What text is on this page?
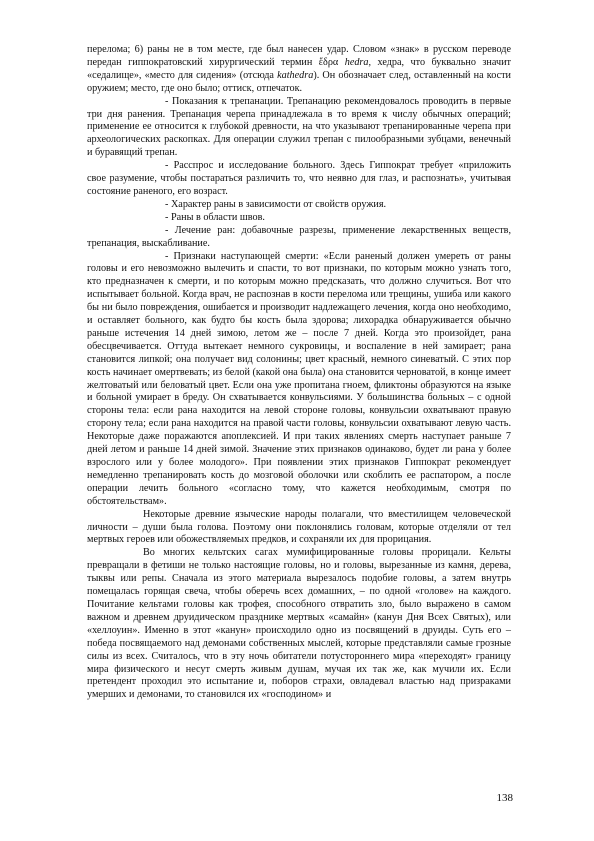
перелома; 6) раны не в том месте, где был нанесен удар. Словом «знак» в русском переводе передан гиппократовский хирургический термин ἕδρα hedra, хедра, что буквально значит «седалище», «место для сидения» (отсюда kathedra). Он обозначает след, оставленный на кости оружием; место, где оно было; оттиск, отпечаток.

- Показания к трепанации. Трепанацию рекомендовалось проводить в первые три дня ранения. Трепанация черепа принадлежала в то время к числу обычных операций; применение ее относится к глубокой древности, на что указывают трепанированные черепа при археологических раскопках. Для операции служил трепан с пилообразными зубцами, венечный и буравящий трепан.

- Расспрос и исследование больного. Здесь Гиппократ требует «приложить свое разумение, чтобы постараться различить то, что неявно для глаз, и распознать», учитывая состояние раненого, его возраст.

- Характер раны в зависимости от свойств оружия.

- Раны в области швов.

- Лечение ран: добавочные разрезы, применение лекарственных веществ, трепанация, выскабливание.

- Признаки наступающей смерти: «Если раненый должен умереть от раны головы и его невозможно вылечить и спасти, то вот признаки, по которым можно узнать того, кто предназначен к смерти, и по которым можно предсказать, что должно случиться. Вот что испытывает больной. Когда врач, не распознав в кости перелома или трещины, ушиба или какого бы ни было повреждения, ошибается и производит надлежащего лечения, когда оно необходимо, и оставляет больного, как будто бы кость была здорова; лихорадка обнаруживается обычно раньше истечения 14 дней зимою, летом же – после 7 дней. Когда это произойдет, рана обесцвечивается. Оттуда вытекает немного сукровицы, и воспаление в ней замирает; рана становится липкой; она получает вид солонины; цвет красный, немного синеватый. С этих пор кость начинает омертвевать; из белой (какой она была) она становится черноватой, в конце имеет желтоватый или беловатый цвет. Если она уже пропитана гноем, фликтоны образуются на языке и больной умирает в бреду. Он схватывается конвульсиями. У большинства больных – с одной стороны тела: если рана находится на левой стороне головы, конвульсии охватывают правую сторону тела; если рана находится на правой части головы, конвульсии охватывают левую часть. Некоторые даже поражаются апоплексией. И при таких явлениях смерть наступает раньше 7 дней летом и раньше 14 дней зимой. Значение этих признаков одинаково, будет ли рана у более взрослого или у более молодого». При появлении этих признаков Гиппократ рекомендует немедленно трепанировать кость до мозговой оболочки или скоблить ее распатором, а после операции лечить больного «согласно тому, что кажется необходимым, смотря по обстоятельствам».

Некоторые древние языческие народы полагали, что вместилищем человеческой личности – души была голова. Поэтому они поклонялись головам, которые отделяли от тел мертвых героев или обожествляемых предков, и сохраняли их для прорицания.

Во многих кельтских сагах мумифицированные головы прорицали. Кельты превращали в фетиши не только настоящие головы, но и головы, вырезанные из камня, дерева, тыквы или репы. Сначала из этого материала вырезалось подобие головы, а затем внутрь помещалась горящая свеча, чтобы оберечь всех домашних, – по одной «голове» на каждого. Почитание кельтами головы как трофея, способного отвратить зло, было выражено в самом важном и древнем друидическом празднике мертвых «самайн» (канун Дня Всех Святых), или «хеллоуин». Именно в этот «канун» происходило одно из посвящений в друиды. Суть его – победа посвящаемого над демонами собственных мыслей, которые представляли самые грозные силы из всех. Считалось, что в эту ночь обитатели потустороннего мира «переходят» границу мира физического и несут смерть живым душам, мучая их так же, как мучили их. Если претендент проходил это испытание и, поборов страхи, овладевал властью над призраками умерших и демонами, то становился их «господином» и

138
